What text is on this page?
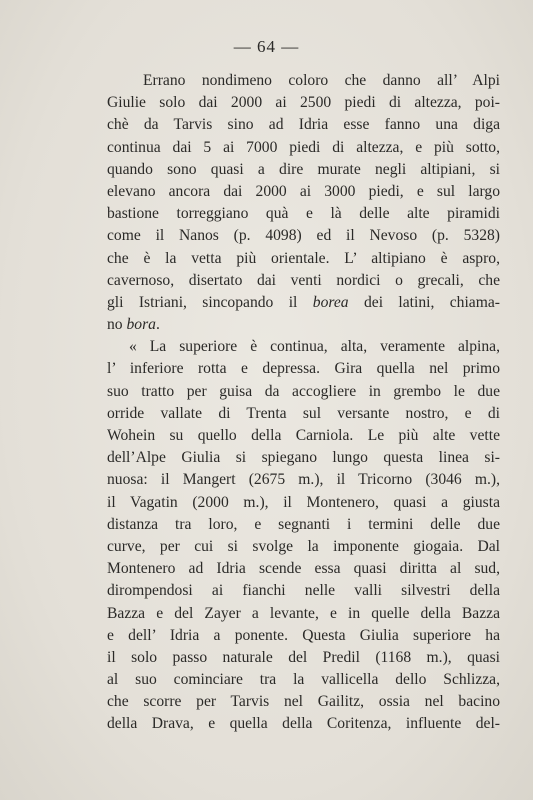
— 64 —
Errano nondimeno coloro che danno all’ Alpi
Giulie solo dai 2000 ai 2500 piedi di altezza, poi-
chè da Tarvis sino ad Idria esse fanno una diga
continua dai 5 ai 7000 piedi di altezza, e più sotto,
quando sono quasi a dire murate negli altipiani, si
elevano ancora dai 2000 ai 3000 piedi, e sul largo
bastione torreggiano quà e là delle alte piramidi
come il Nanos (p. 4098) ed il Nevoso (p. 5328)
che è la vetta più orientale. L’ altipiano è aspro,
cavernoso, disertato dai venti nordici o grecali, che
gli Istriani, sincopando il borea dei latini, chiama-
no bora.
« La superiore è continua, alta, veramente alpina,
l’ inferiore rotta e depressa. Gira quella nel primo
suo tratto per guisa da accogliere in grembo le due
orride vallate di Trenta sul versante nostro, e di
Wohein su quello della Carniola. Le più alte vette
dell’Alpe Giulia si spiegano lungo questa linea si-
nuosa: il Mangert (2675 m.), il Tricorno (3046 m.),
il Vagatin (2000 m.), il Montenero, quasi a giusta
distanza tra loro, e segnanti i termini delle due
curve, per cui si svolge la imponente giogaia. Dal
Montenero ad Idria scende essa quasi diritta al sud,
dirompendosi ai fianchi nelle valli silvestri della
Bazza e del Zayer a levante, e in quelle della Bazza
e dell’ Idria a ponente. Questa Giulia superiore ha
il solo passo naturale del Predil (1168 m.), quasi
al suo cominciare tra la vallicella dello Schlizza,
che scorre per Tarvis nel Gailitz, ossia nel bacino
della Drava, e quella della Coritenza, influente del-
